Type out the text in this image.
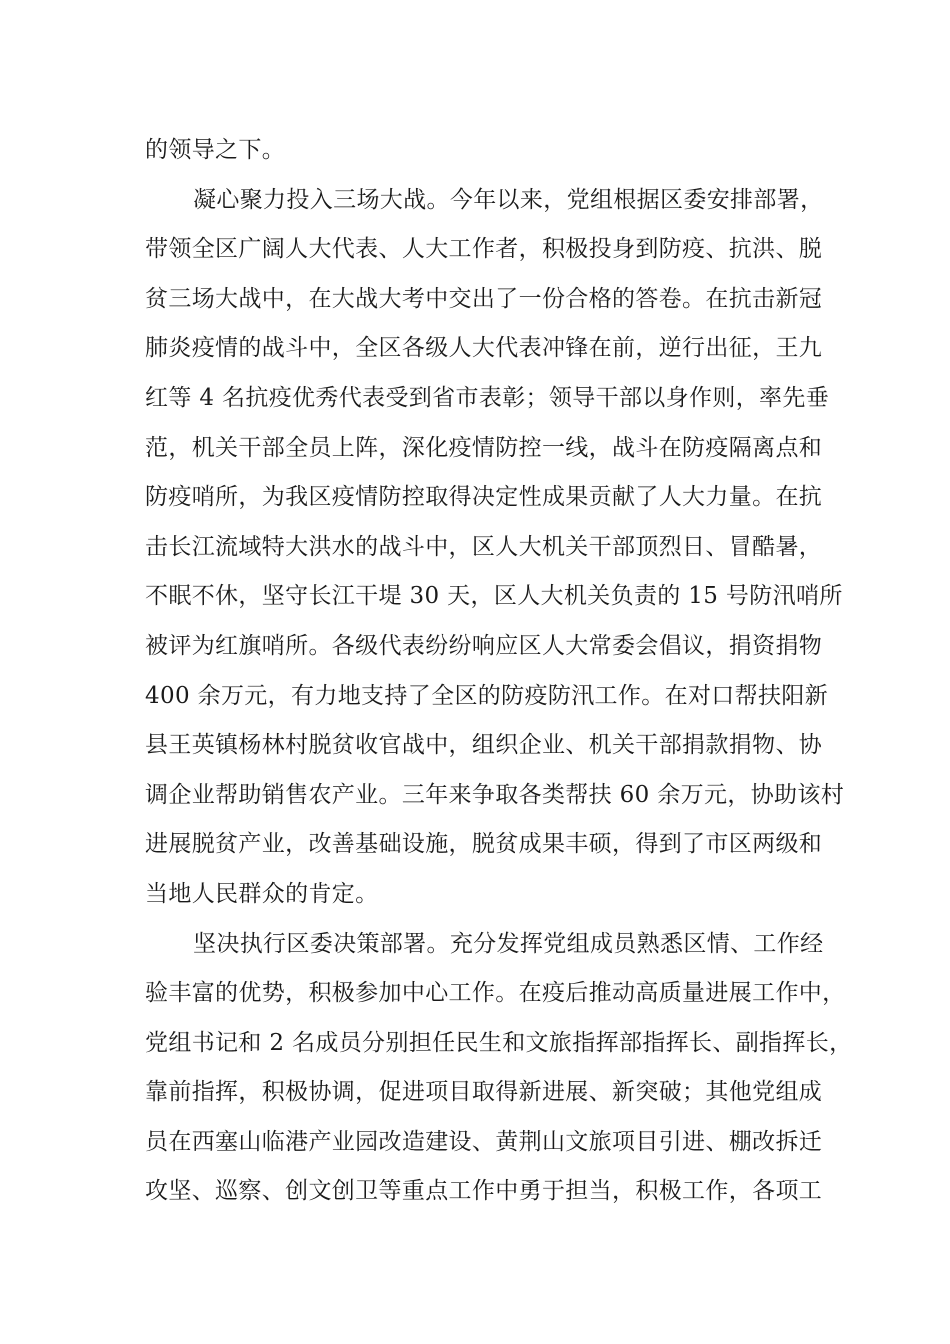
的领导之下。
凝心聚力投入三场大战。今年以来，党组根据区委安排部署，
带领全区广阔人大代表、人大工作者，积极投身到防疫、抗洪、脱
贫三场大战中，在大战大考中交出了一份合格的答卷。在抗击新冠
肺炎疫情的战斗中，全区各级人大代表冲锋在前，逆行出征，王九
红等 4 名抗疫优秀代表受到省市表彰；领导干部以身作则，率先垂
范，机关干部全员上阵，深化疫情防控一线，战斗在防疫隔离点和
防疫哨所，为我区疫情防控取得决定性成果贡献了人大力量。在抗
击长江流域特大洪水的战斗中，区人大机关干部顶烈日、冒酷暑，
不眠不休，坚守长江干堤 30 天，区人大机关负责的 15 号防汛哨所
被评为红旗哨所。各级代表纷纷响应区人大常委会倡议，捐资捐物
400 余万元，有力地支持了全区的防疫防汛工作。在对口帮扶阳新
县王英镇杨林村脱贫收官战中，组织企业、机关干部捐款捐物、协
调企业帮助销售农产业。三年来争取各类帮扶 60 余万元，协助该村
进展脱贫产业，改善基础设施，脱贫成果丰硕，得到了市区两级和
当地人民群众的肯定。
坚决执行区委决策部署。充分发挥党组成员熟悉区情、工作经
验丰富的优势，积极参加中心工作。在疫后推动高质量进展工作中，
党组书记和 2 名成员分别担任民生和文旅指挥部指挥长、副指挥长，
靠前指挥，积极协调，促进项目取得新进展、新突破；其他党组成
员在西塞山临港产业园改造建设、黄荆山文旅项目引进、棚改拆迁
攻坚、巡察、创文创卫等重点工作中勇于担当，积极工作，各项工
